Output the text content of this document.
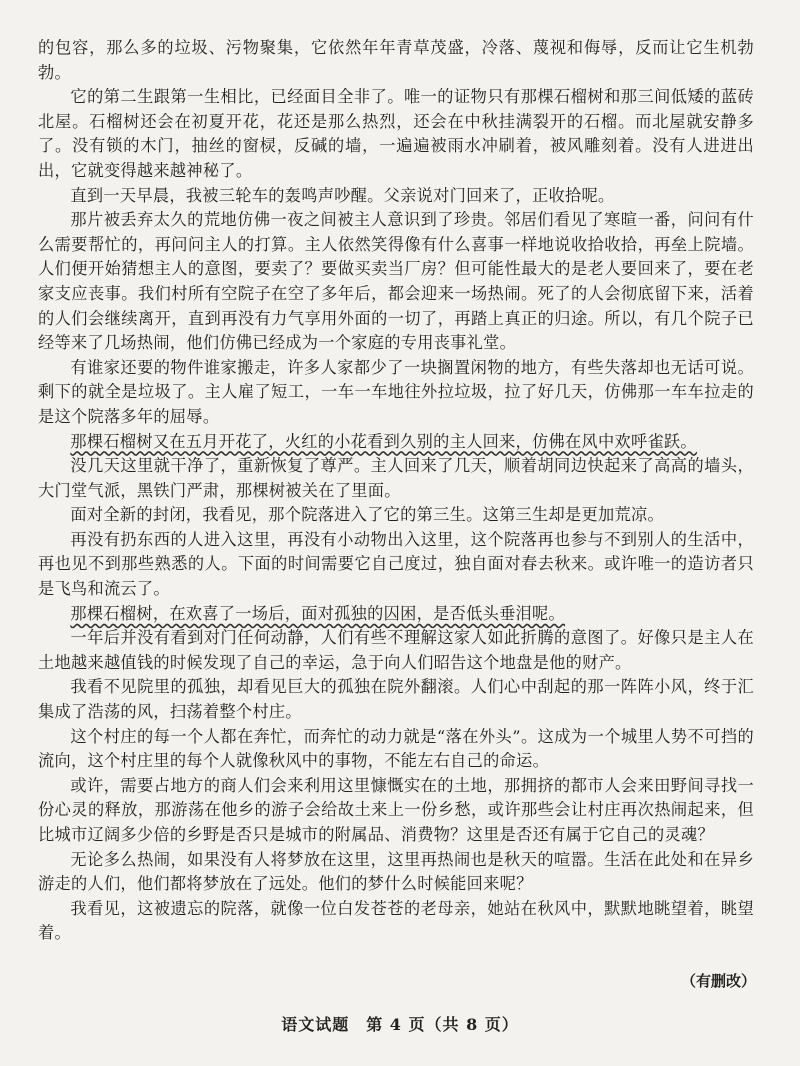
的包容，那么多的垃圾、污物聚集，它依然年年青草茂盛，冷落、蔑视和侮辱，反而让它生机勃勃。

它的第二生跟第一生相比，已经面目全非了。唯一的证物只有那棵石榴树和那三间低矮的蓝砖北屋。石榴树还会在初夏开花，花还是那么热烈，还会在中秋挂满裂开的石榴。而北屋就安静多了。没有锁的木门，抽丝的窗棂，反碱的墙，一遍遍被雨水冲刷着，被风雕刻着。没有人进进出出，它就变得越来越神秘了。

直到一天早晨，我被三轮车的轰鸣声吵醒。父亲说对门回来了，正收拾呢。

那片被丢弃太久的荒地仿佛一夜之间被主人意识到了珍贵。邻居们看见了寒暄一番，问问有什么需要帮忙的，再问问主人的打算。主人依然笑得像有什么喜事一样地说收拾收拾，再垒上院墙。人们便开始猜想主人的意图，要卖了？要做买卖当厂房？但可能性最大的是老人要回来了，要在老家支应丧事。我们村所有空院子在空了多年后，都会迎来一场热闹。死了的人会彻底留下来，活着的人们会继续离开，直到再没有力气享用外面的一切了，再踏上真正的归途。所以，有几个院子已经等来了几场热闹，他们仿佛已经成为一个家庭的专用丧事礼堂。

有谁家还要的物件谁家搬走，许多人家都少了一块搁置闲物的地方，有些失落却也无话可说。剩下的就全是垃圾了。主人雇了短工，一车一车地往外拉垃圾，拉了好几天，仿佛那一车车拉走的是这个院落多年的屈辱。

那棵石榴树又在五月开花了，火红的小花看到久别的主人回来，仿佛在风中欢呼雀跃。

没几天这里就干净了，重新恢复了尊严。主人回来了几天，顺着胡同边快起来了高高的墙头，大门堂气派，黑铁门严肃，那棵树被关在了里面。

面对全新的封闭，我看见，那个院落进入了它的第三生。这第三生却是更加荒凉。

再没有扔东西的人进入这里，再没有小动物出入这里，这个院落再也参与不到别人的生活中，再也见不到那些熟悉的人。下面的时间需要它自己度过，独自面对春去秋来。或许唯一的造访者只是飞鸟和流云了。

那棵石榴树，在欢喜了一场后，面对孤独的囚困，是否低头垂泪呢。

一年后并没有看到对门任何动静，人们有些不理解这家人如此折腾的意图了。好像只是主人在土地越来越值钱的时候发现了自己的幸运，急于向人们昭告这个地盘是他的财产。

我看不见院里的孤独，却看见巨大的孤独在院外翻滚。人们心中刮起的那一阵阵小风，终于汇集成了浩荡的风，扫荡着整个村庄。

这个村庄的每一个人都在奔忙，而奔忙的动力就是“落在外头”。这成为一个城里人势不可挡的流向，这个村庄里的每个人就像秋风中的事物，不能左右自己的命运。

或许，需要占地方的商人们会来利用这里慷慨实在的土地，那拥挤的都市人会来田野间寻找一份心灵的释放，那游荡在他乡的游子会给故土来上一份乡愁，或许那些会让村庄再次热闹起来，但比城市辽阔多少倍的乡野是否只是城市的附属品、消费物？这里是否还有属于它自己的灵魂？

无论多么热闹，如果没有人将梦放在这里，这里再热闹也是秋天的喧嚣。生活在此处和在异乡游走的人们，他们都将梦放在了远处。他们的梦什么时候能回来呢？

我看见，这被遗忘的院落，就像一位白发苍苍的老母亲，她站在秋风中，默默地眺望着，眺望着。

（有删改）
语文试题　第 4 页（共 8 页）
